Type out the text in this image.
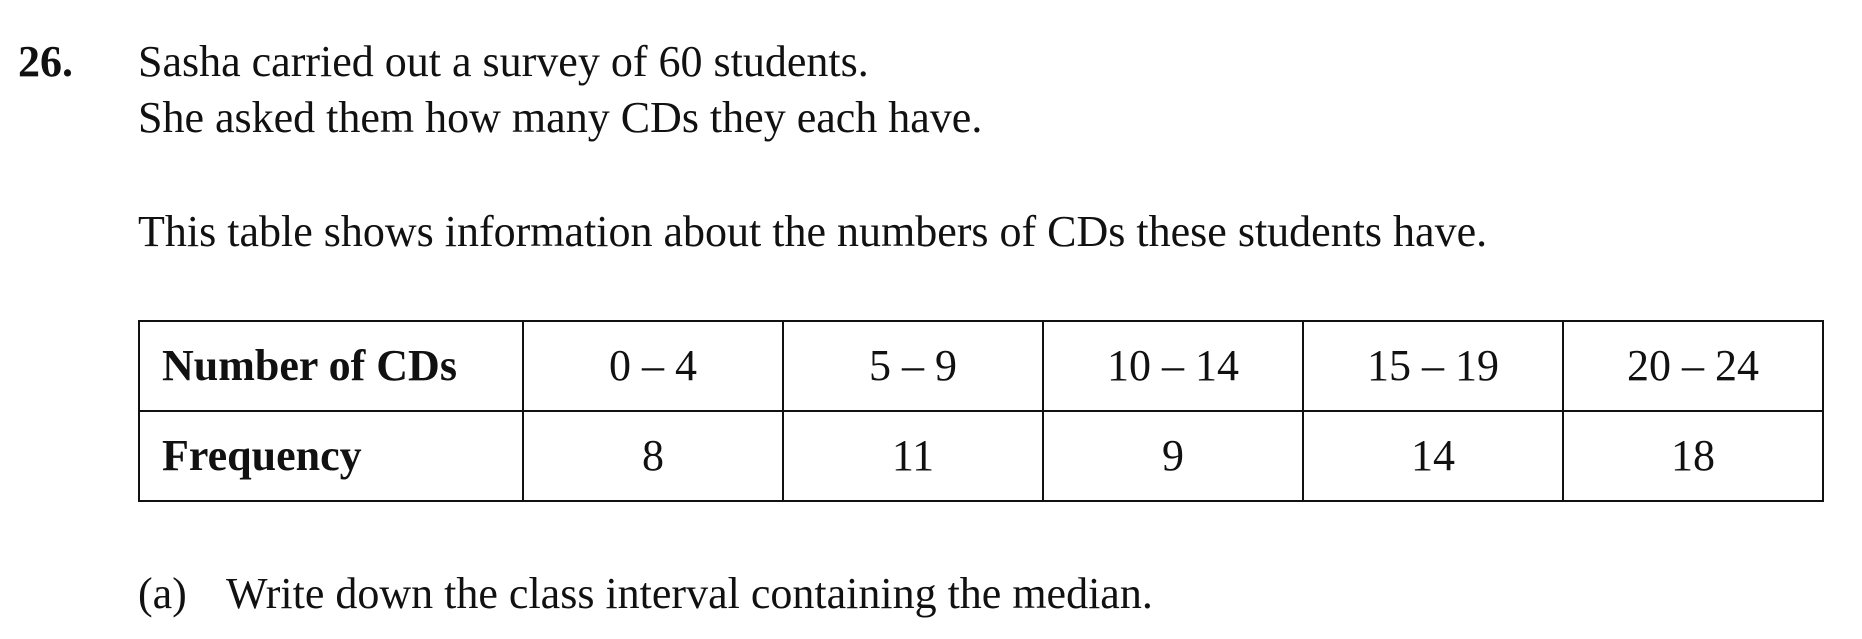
26. Sasha carried out a survey of 60 students.
She asked them how many CDs they each have.
This table shows information about the numbers of CDs these students have.
Number of CDs	0 – 4	5 – 9	10 – 14	15 – 19	20 – 24
Frequency	8	11	9	14	18
(a) Write down the class interval containing the median.
